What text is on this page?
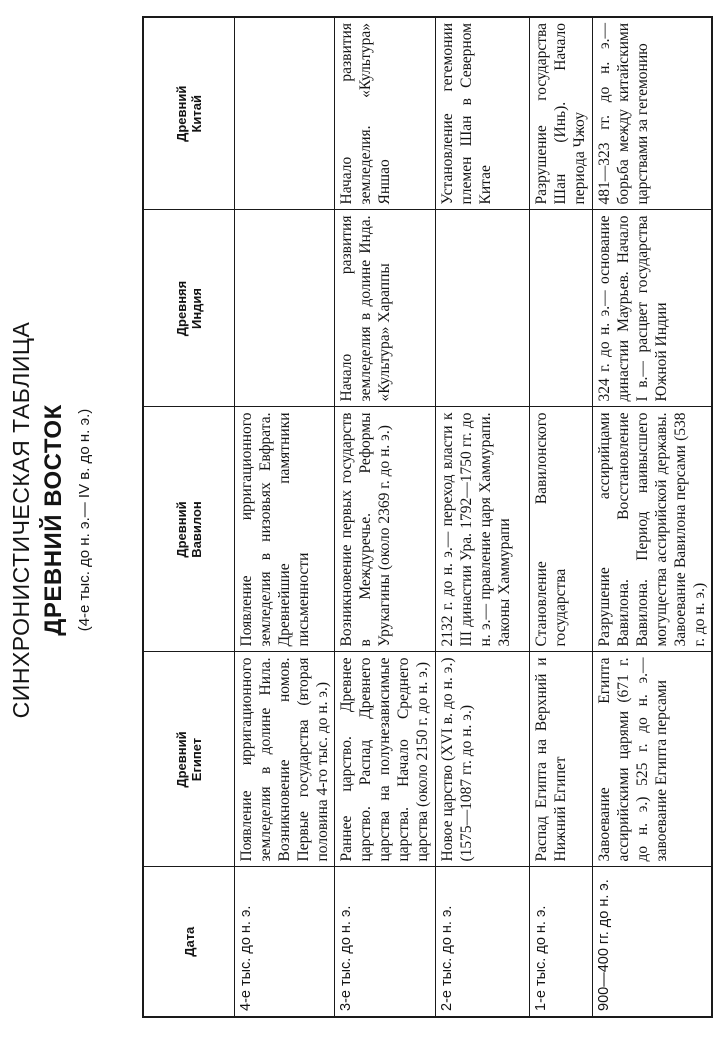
СИНХРОНИСТИЧЕСКАЯ ТАБЛИЦА ДРЕВНИЙ ВОСТОК (4-е тыс. до н. э.— IV в. до н. э.)
Дата	Древний Египет	Древний Вавилон	Древняя Индия	Древний Китай

4-е тыс. до н. э.	Появление ирригационного земледелия в долине Нила. Возникновение номов. Первые государства (вторая половина 4-го тыс. до н. э.)	Появление ирригационного земледелия в низовьях Евфрата. Древнейшие памятники письменности		
3-е тыс. до н. э.	Раннее царство. Древнее царство. Распад Древнего царства на полунезависимые царства. Начало Среднего царства (около 2150 г. до н. э.)	Возникновение первых государств в Междуречье. Реформы Урукагины (около 2369 г. до н. э.)	Начало развития земледелия в долине Инда. «Культура» Хараппы	Начало развития земледелия. «Культура» Яншао
2-е тыс. до н. э.	Новое царство (XVI в. до н. э.) (1575—1087 гг. до н. э.)	2132 г. до н. э.— переход власти к III династии Ура. 1792—1750 гг. до н. э.— правление царя Хаммурапи. Законы Хаммурапи		Установление гегемонии племен Шан в Северном Китае
1-е тыс. до н. э.	Распад Египта на Верхний и Нижний Египет	Становление Вавилонского государства		Разрушение государства Шан (Инь). Начало периода Чжоу
900—400 гг. до н. э.	Завоевание Египта ассирийскими царями (671 г. до н. э.) 525 г. до н. э.— завоевание Египта персами	Разрушение ассирийцами Вавилона. Восстановление Вавилона. Период наивысшего могущества ассирийской державы. Завоевание Вавилона персами (538 г. до н. э.)	324 г. до н. э.— основание династии Маурьев. Начало I в.— расцвет государства Южной Индии	481—323 гг. до н. э.— борьба между китайскими царствами за гегемонию
